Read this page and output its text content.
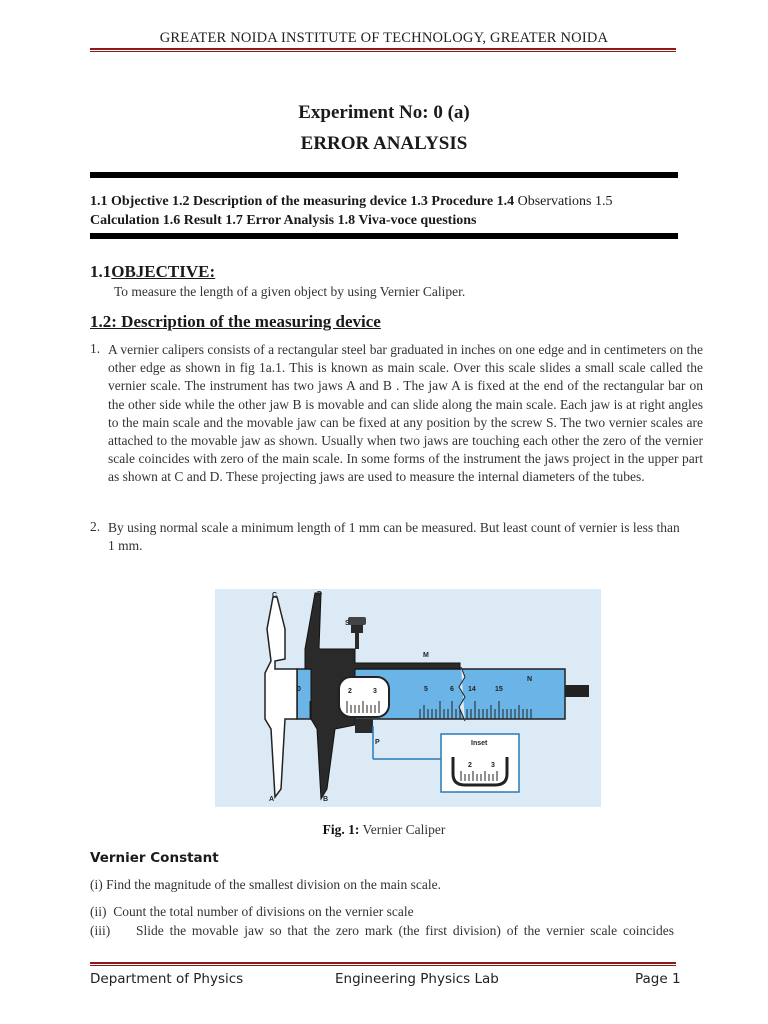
GREATER NOIDA INSTITUTE OF TECHNOLOGY, GREATER NOIDA
Experiment No: 0 (a)
ERROR ANALYSIS
1.1 Objective 1.2 Description of the measuring device 1.3 Procedure 1.4 Observations 1.5
Calculation 1.6 Result 1.7 Error Analysis 1.8 Viva-voce questions
1.1OBJECTIVE:
To measure the length of a given object by using Vernier Caliper.
1.2: Description of the measuring device
1. A vernier calipers consists of a rectangular steel bar graduated in inches on one edge and in centimeters on the other edge as shown in fig 1a.1. This is known as main scale. Over this scale slides a small scale called the vernier scale. The instrument has two jaws A and B . The jaw A is fixed at the end of the rectangular bar on the other side while the other jaw B is movable and can slide along the main scale. Each jaw is at right angles to the main scale and the movable jaw can be fixed at any position by the screw S. The two vernier scales are attached to the movable jaw as shown. Usually when two jaws are touching each other the zero of the vernier scale coincides with zero of the main scale. In some forms of the instrument the jaws project in the upper part as shown at C and D. These projecting jaws are used to measure the internal diameters of the tubes.
2. By using normal scale a minimum length of 1 mm can be measured. But least count of vernier is less than 1 mm.
C	D
S
M
N
A	B
P	Inset
0	5	6 14	15
2	3
2	3
Fig. 1: Vernier Caliper
Vernier Constant
(i) Find the magnitude of the smallest division on the main scale.
(ii) Count the total number of divisions on the vernier scale
(iii) Slide the movable jaw so that the zero mark (the first division) of the vernier scale coincides
Department of Physics	Engineering Physics Lab	Page 1
